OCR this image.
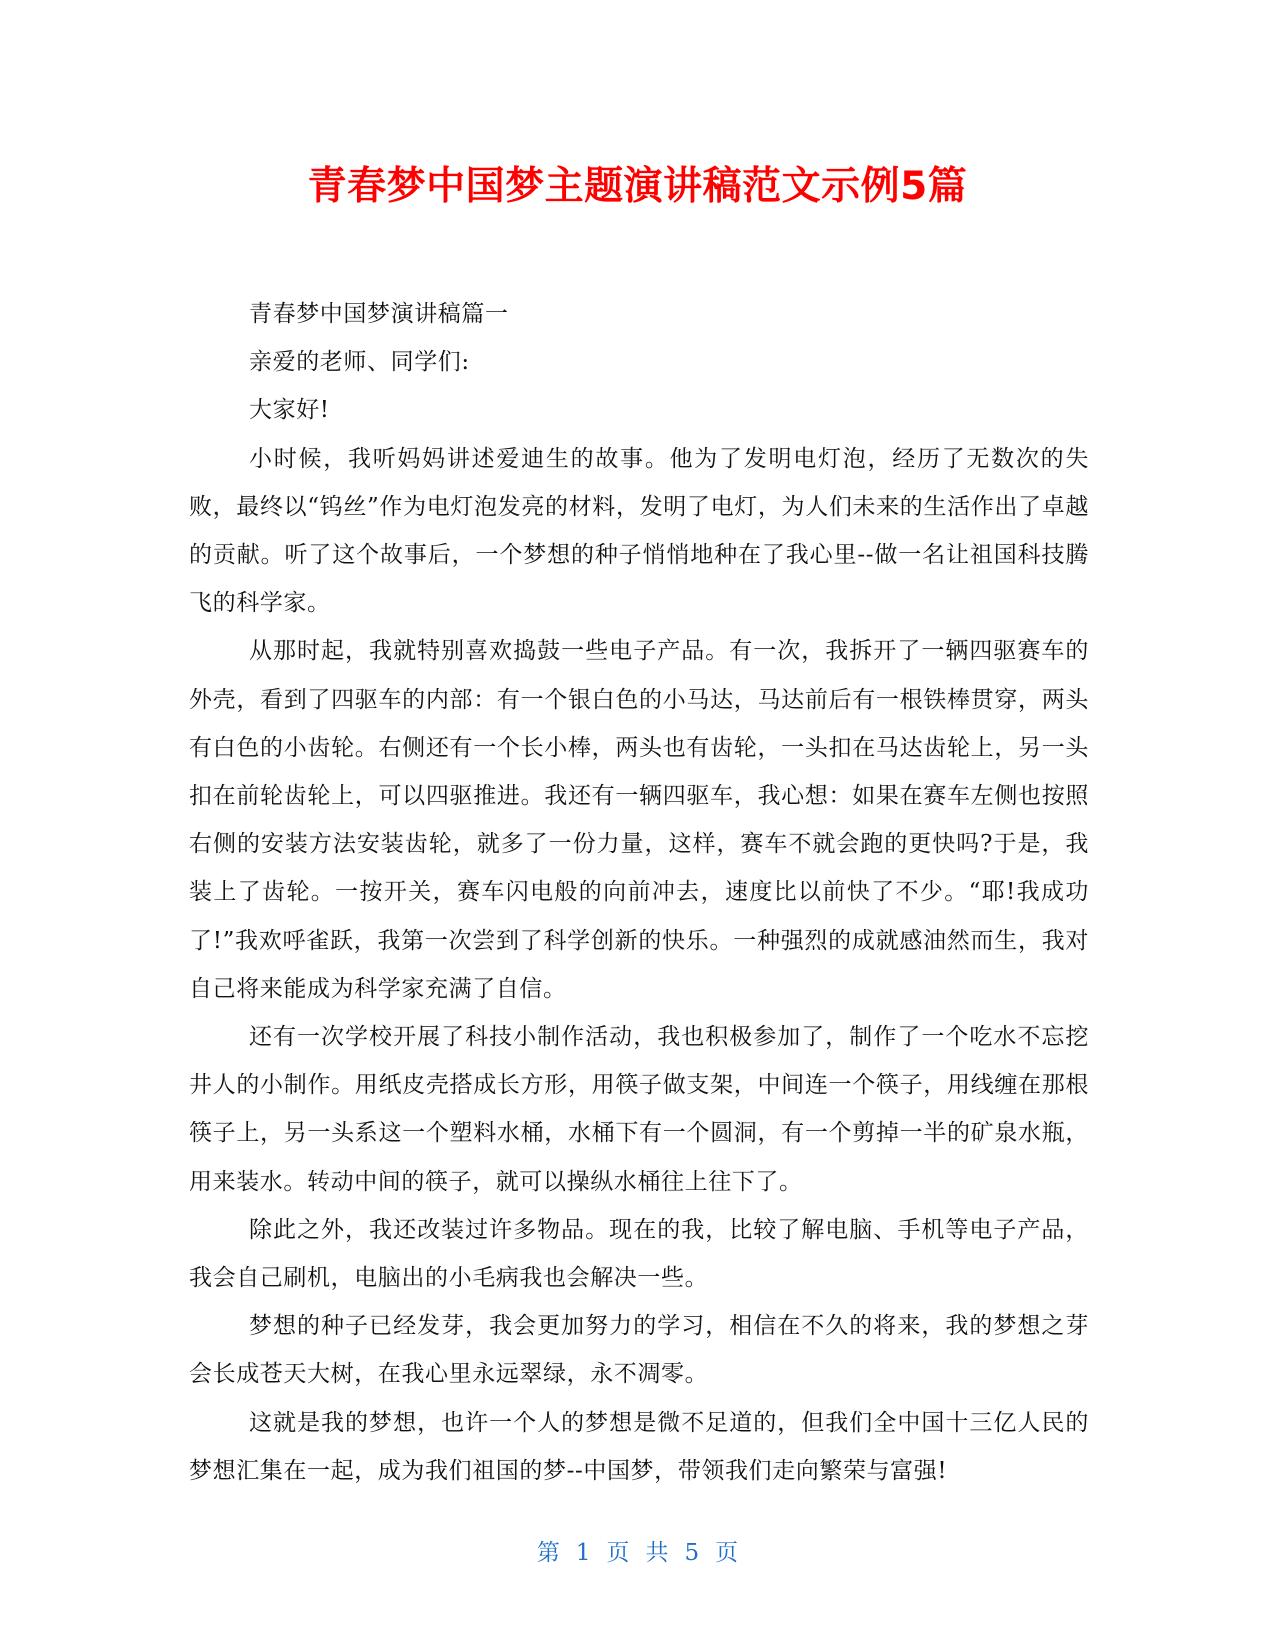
青春梦中国梦主题演讲稿范文示例5篇

青春梦中国梦演讲稿篇一

亲爱的老师、同学们:

大家好!

小时候，我听妈妈讲述爱迪生的故事。他为了发明电灯泡，经历了无数次的失败，最终以“钨丝”作为电灯泡发亮的材料，发明了电灯，为人们未来的生活作出了卓越的贡献。听了这个故事后，一个梦想的种子悄悄地种在了我心里--做一名让祖国科技腾飞的科学家。

从那时起，我就特别喜欢捣鼓一些电子产品。有一次，我拆开了一辆四驱赛车的外壳，看到了四驱车的内部：有一个银白色的小马达，马达前后有一根铁棒贯穿，两头有白色的小齿轮。右侧还有一个长小棒，两头也有齿轮，一头扣在马达齿轮上，另一头扣在前轮齿轮上，可以四驱推进。我还有一辆四驱车，我心想：如果在赛车左侧也按照右侧的安装方法安装齿轮，就多了一份力量，这样，赛车不就会跑的更快吗?于是，我装上了齿轮。一按开关，赛车闪电般的向前冲去，速度比以前快了不少。“耶!我成功了!”我欢呼雀跃，我第一次尝到了科学创新的快乐。一种强烈的成就感油然而生，我对自己将来能成为科学家充满了自信。

还有一次学校开展了科技小制作活动，我也积极参加了，制作了一个吃水不忘挖井人的小制作。用纸皮壳搭成长方形，用筷子做支架，中间连一个筷子，用线缠在那根筷子上，另一头系这一个塑料水桶，水桶下有一个圆洞，有一个剪掉一半的矿泉水瓶，用来装水。转动中间的筷子，就可以操纵水桶往上往下了。

除此之外，我还改装过许多物品。现在的我，比较了解电脑、手机等电子产品，我会自己刷机，电脑出的小毛病我也会解决一些。

梦想的种子已经发芽，我会更加努力的学习，相信在不久的将来，我的梦想之芽会长成苍天大树，在我心里永远翠绿，永不凋零。

这就是我的梦想，也许一个人的梦想是微不足道的，但我们全中国十三亿人民的梦想汇集在一起，成为我们祖国的梦--中国梦，带领我们走向繁荣与富强!

第 1 页 共 5 页
